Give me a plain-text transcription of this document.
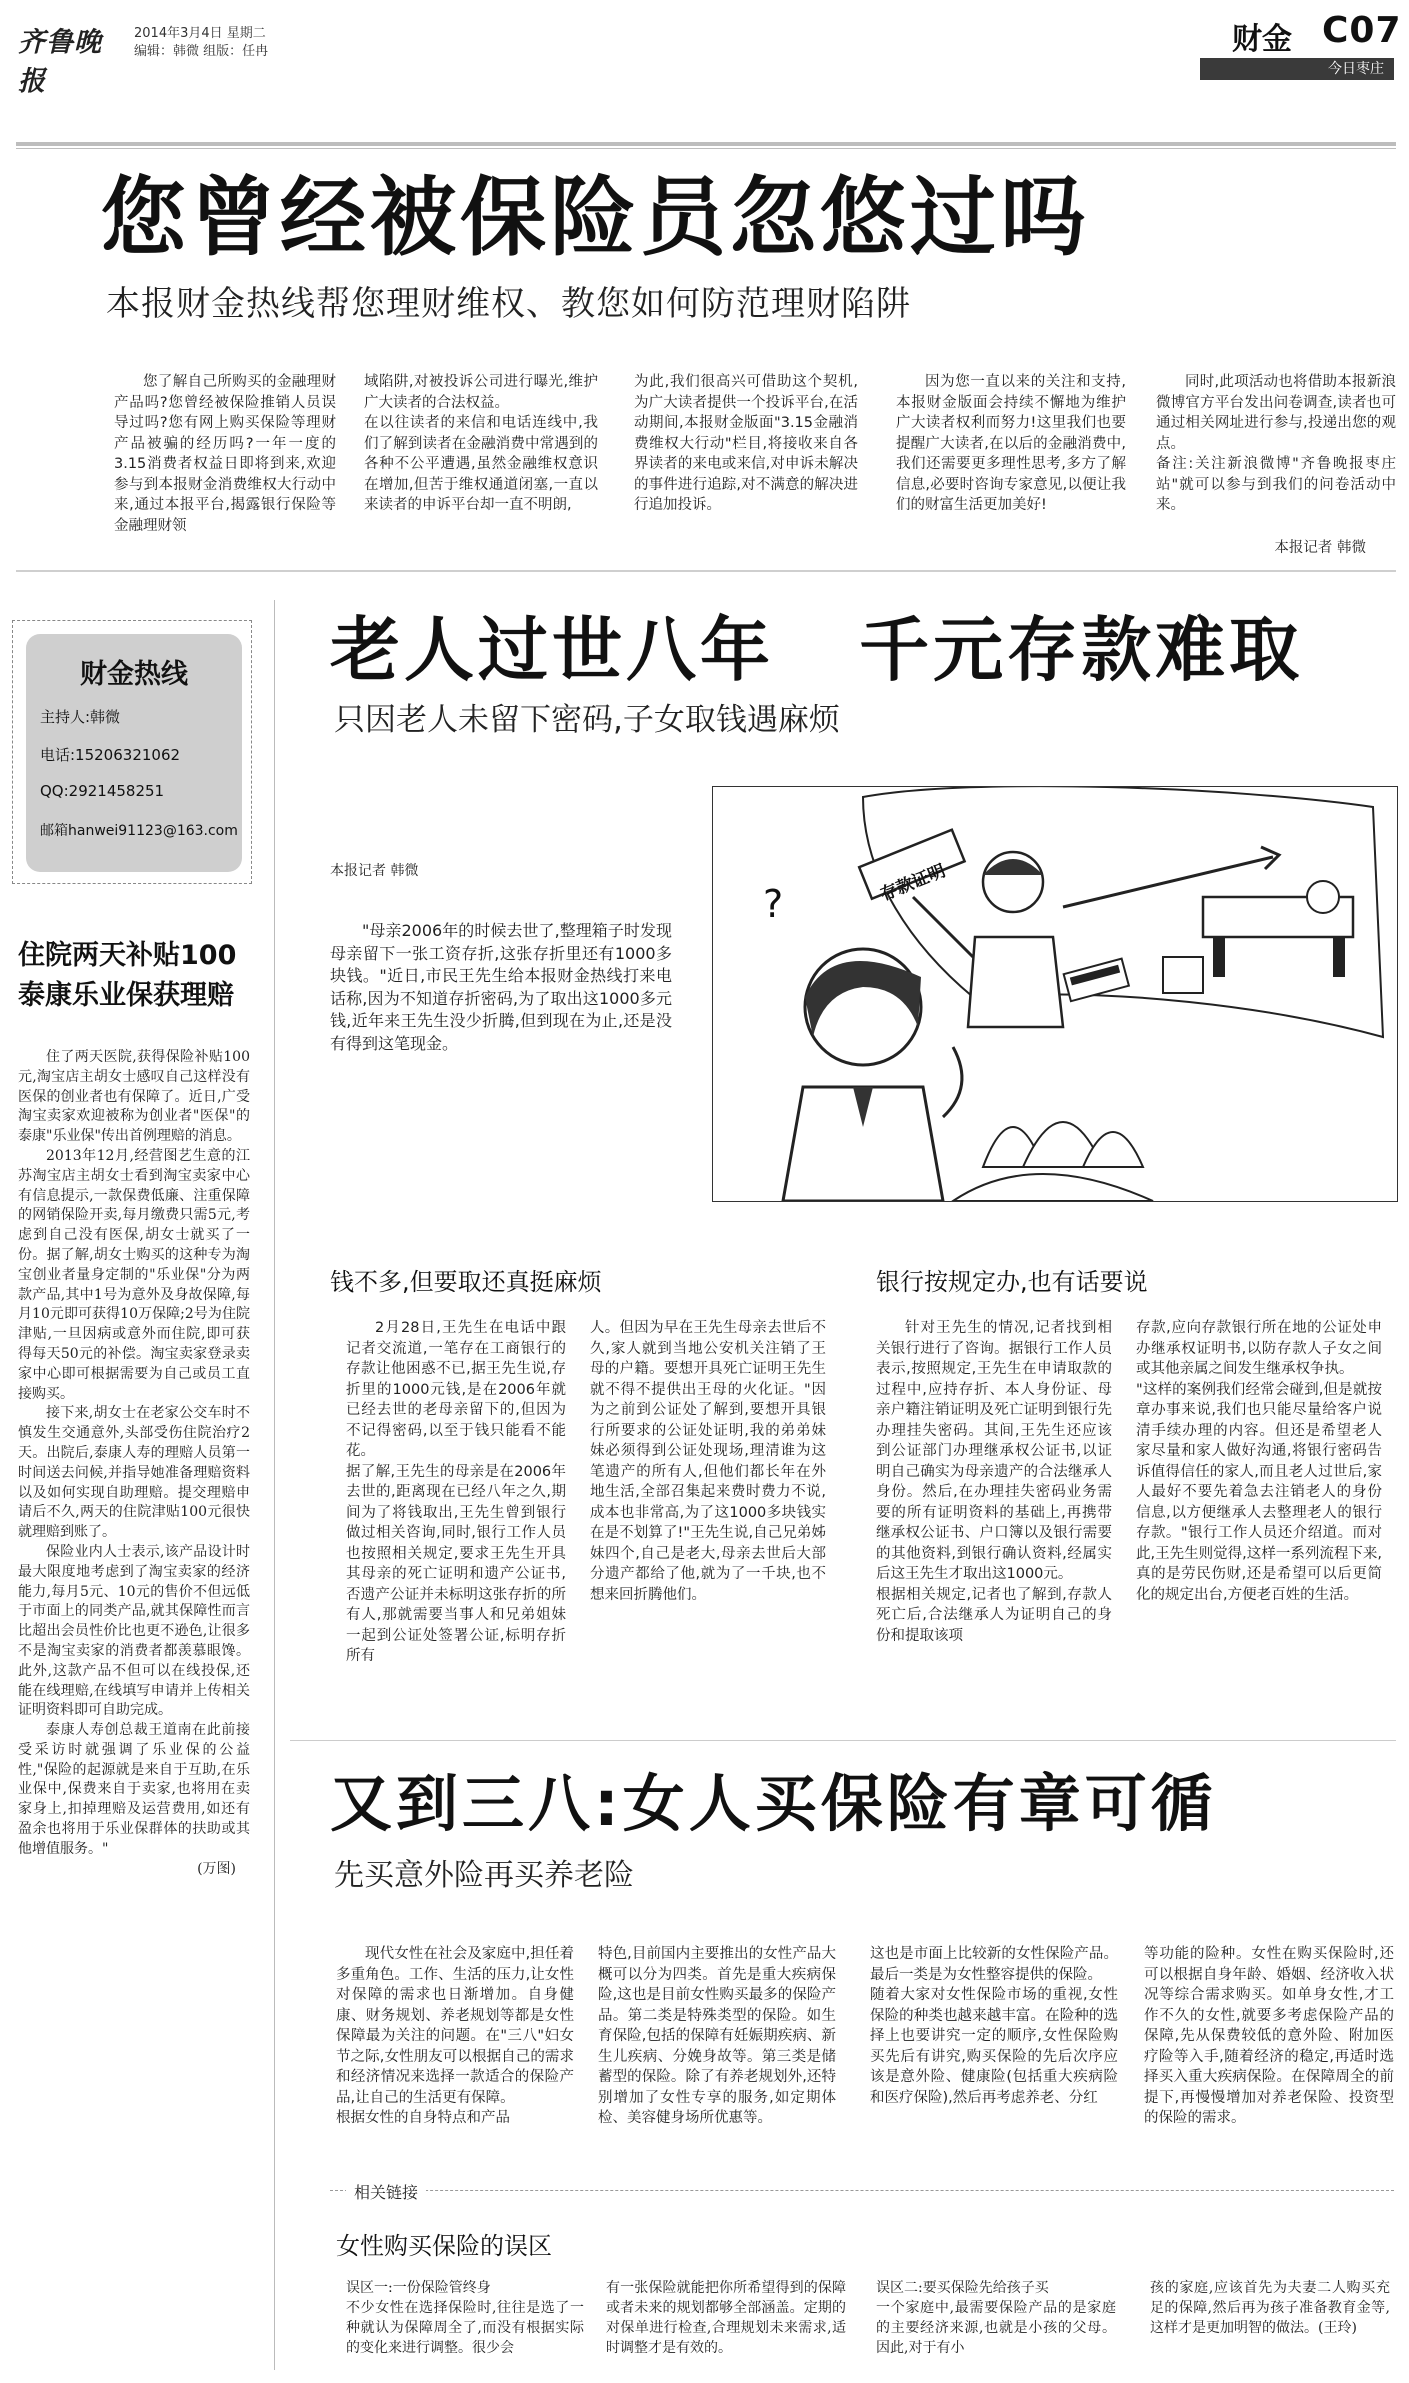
齐鲁晚报
2014年3月4日 星期二
编辑：韩微 组版：任冉	财金 C07
今日枣庄
您曾经被保险员忽悠过吗
本报财金热线帮您理财维权、教您如何防范理财陷阱

您了解自己所购买的金融理财产品吗?您曾经被保险推销人员误导过吗?您有网上购买保险等理财产品被骗的经历吗?一年一度的3.15消费者权益日即将到来,欢迎参与到本报财金消费维权大行动中来,通过本报平台,揭露银行保险等金融理财领

域陷阱,对被投诉公司进行曝光,维护广大读者的合法权益。
在以往读者的来信和电话连线中,我们了解到读者在金融消费中常遇到的各种不公平遭遇,虽然金融维权意识在增加,但苦于维权通道闭塞,一直以来读者的申诉平台却一直不明朗,

为此,我们很高兴可借助这个契机,为广大读者提供一个投诉平台,在活动期间,本报财金版面"3.15金融消费维权大行动"栏目,将接收来自各界读者的来电或来信,对申诉未解决的事件进行追踪,对不满意的解决进行追加投诉。

因为您一直以来的关注和支持,本报财金版面会持续不懈地为维护广大读者权利而努力!这里我们也要提醒广大读者,在以后的金融消费中,我们还需要更多理性思考,多方了解信息,必要时咨询专家意见,以便让我们的财富生活更加美好!

同时,此项活动也将借助本报新浪微博官方平台发出问卷调查,读者也可通过相关网址进行参与,投递出您的观点。
备注:关注新浪微博"齐鲁晚报枣庄站"就可以参与到我们的问卷活动中来。

本报记者 韩微

财金热线
主持人:韩微
电话:15206321062
QQ:2921458251
邮箱hanwei91123@163.com
住院两天补贴100 泰康乐业保获理赔

住了两天医院,获得保险补贴100元,淘宝店主胡女士感叹自己这样没有医保的创业者也有保障了。近日,广受淘宝卖家欢迎被称为创业者"医保"的泰康"乐业保"传出首例理赔的消息。

2013年12月,经营图艺生意的江苏淘宝店主胡女士看到淘宝卖家中心有信息提示,一款保费低廉、注重保障的网销保险开卖,每月缴费只需5元,考虑到自己没有医保,胡女士就买了一份。据了解,胡女士购买的这种专为淘宝创业者量身定制的"乐业保"分为两款产品,其中1号为意外及身故保障,每月10元即可获得10万保障;2号为住院津贴,一旦因病或意外而住院,即可获得每天50元的补偿。淘宝卖家登录卖家中心即可根据需要为自己或员工直接购买。

接下来,胡女士在老家公交车时不慎发生交通意外,头部受伤住院治疗2天。出院后,泰康人寿的理赔人员第一时间送去问候,并指导她准备理赔资料以及如何实现自助理赔。提交理赔申请后不久,两天的住院津贴100元很快就理赔到账了。

保险业内人士表示,该产品设计时最大限度地考虑到了淘宝卖家的经济能力,每月5元、10元的售价不但远低于市面上的同类产品,就其保障性而言比超出会员性价比也更不逊色,让很多不是淘宝卖家的消费者都羡慕眼馋。此外,这款产品不但可以在线投保,还能在线理赔,在线填写申请并上传相关证明资料即可自助完成。

泰康人寿创总裁王道南在此前接受采访时就强调了乐业保的公益性,"保险的起源就是来自于互助,在乐业保中,保费来自于卖家,也将用在卖家身上,扣掉理赔及运营费用,如还有盈余也将用于乐业保群体的扶助或其他增值服务。"

(万图)
老人过世八年   千元存款难取
只因老人未留下密码,子女取钱遇麻烦
本报记者 韩微

"母亲2006年的时候去世了,整理箱子时发现母亲留下一张工资存折,这张存折里还有1000多块钱。"近日,市民王先生给本报财金热线打来电话称,因为不知道存折密码,为了取出这1000多元钱,近年来王先生没少折腾,但到现在为止,还是没有得到这笔现金。

存款证明
?
钱不多,但要取还真挺麻烦	银行按规定办,也有话要说
2月28日,王先生在电话中跟记者交流道,一笔存在工商银行的存款让他困惑不已,据王先生说,存折里的1000元钱,是在2006年就已经去世的老母亲留下的,但因为不记得密码,以至于钱只能看不能花。
据了解,王先生的母亲是在2006年去世的,距离现在已经八年之久,期间为了将钱取出,王先生曾到银行做过相关咨询,同时,银行工作人员也按照相关规定,要求王先生开具其母亲的死亡证明和遗产公证书,否遗产公证并未标明这张存折的所有人,那就需要当事人和兄弟姐妹一起到公证处签署公证,标明存折所有

人。但因为早在王先生母亲去世后不久,家人就到当地公安机关注销了王母的户籍。要想开具死亡证明王先生就不得不提供出王母的火化证。"因为之前到公证处了解到,要想开具银行所要求的公证处证明,我的弟弟妹妹必须得到公证处现场,理清谁为这笔遗产的所有人,但他们都长年在外地生活,全部召集起来费时费力不说,成本也非常高,为了这1000多块钱实在是不划算了!"王先生说,自己兄弟姊妹四个,自己是老大,母亲去世后大部分遗产都给了他,就为了一千块,也不想来回折腾他们。

针对王先生的情况,记者找到相关银行进行了咨询。据银行工作人员表示,按照规定,王先生在申请取款的过程中,应持存折、本人身份证、母亲户籍注销证明及死亡证明到银行先办理挂失密码。其间,王先生还应该到公证部门办理继承权公证书,以证明自己确实为母亲遗产的合法继承人身份。然后,在办理挂失密码业务需要的所有证明资料的基础上,再携带继承权公证书、户口簿以及银行需要的其他资料,到银行确认资料,经属实后这王先生才取出这1000元。
根据相关规定,记者也了解到,存款人死亡后,合法继承人为证明自己的身份和提取该项
存款,应向存款银行所在地的公证处申办继承权证明书,以防存款人子女之间或其他亲属之间发生继承权争执。
"这样的案例我们经常会碰到,但是就按章办事来说,我们也只能尽量给客户说清手续办理的内容。但还是希望老人家尽量和家人做好沟通,将银行密码告诉值得信任的家人,而且老人过世后,家人最好不要先着急去注销老人的身份信息,以方便继承人去整理老人的银行存款。"银行工作人员还介绍道。而对此,王先生则觉得,这样一系列流程下来,真的是劳民伤财,还是希望可以后更简化的规定出台,方便老百姓的生活。
又到三八:女人买保险有章可循
先买意外险再买养老险
现代女性在社会及家庭中,担任着多重角色。工作、生活的压力,让女性对保障的需求也日渐增加。自身健康、财务规划、养老规划等都是女性保障最为关注的问题。在"三八"妇女节之际,女性朋友可以根据自己的需求和经济情况来选择一款适合的保险产品,让自己的生活更有保障。
根据女性的自身特点和产品

特色,目前国内主要推出的女性产品大概可以分为四类。首先是重大疾病保险,这也是目前女性购买最多的保险产品。第二类是特殊类型的保险。如生育保险,包括的保障有妊娠期疾病、新生儿疾病、分娩身故等。第三类是储蓄型的保险。除了有养老规划外,还特别增加了女性专享的服务,如定期体检、美容健身场所优惠等。

这也是市面上比较新的女性保险产品。最后一类是为女性整容提供的保险。
随着大家对女性保险市场的重视,女性保险的种类也越来越丰富。在险种的选择上也要讲究一定的顺序,女性保险购买先后有讲究,购买保险的先后次序应该是意外险、健康险(包括重大疾病险和医疗保险),然后再考虑养老、分红

等功能的险种。女性在购买保险时,还可以根据自身年龄、婚姻、经济收入状况等综合需求购买。如单身女性,才工作不久的女性,就要多考虑保险产品的保障,先从保费较低的意外险、附加医疗险等入手,随着经济的稳定,再适时选择买入重大疾病保险。在保障周全的前提下,再慢慢增加对养老保险、投资型的保险的需求。

相关链接
女性购买保险的误区
误区一:一份保险管终身
不少女性在选择保险时,往往是选了一种就认为保障周全了,而没有根据实际的变化来进行调整。很少会
有一张保险就能把你所希望得到的保障或者未来的规划都够全部涵盖。定期的对保单进行检查,合理规划未来需求,适时调整才是有效的。
误区二:要买保险先给孩子买
一个家庭中,最需要保险产品的是家庭的主要经济来源,也就是小孩的父母。因此,对于有小
孩的家庭,应该首先为夫妻二人购买充足的保障,然后再为孩子准备教育金等,这样才是更加明智的做法。(王玲)
